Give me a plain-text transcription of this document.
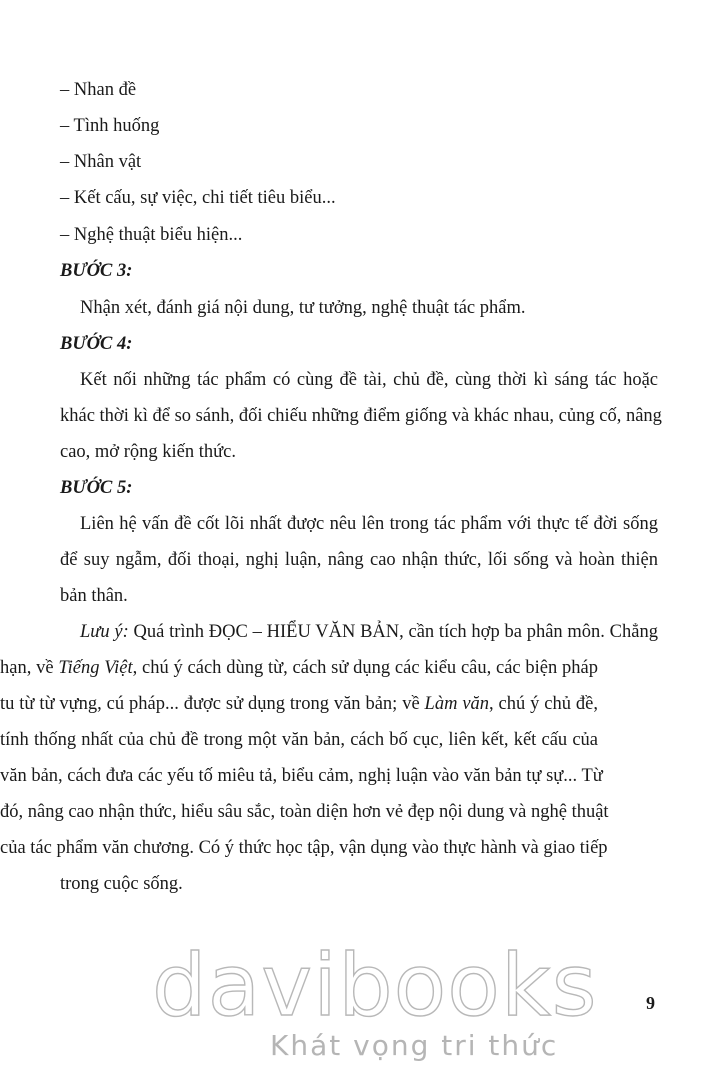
– Nhan đề
– Tình huống
– Nhân vật
– Kết cấu, sự việc, chi tiết tiêu biểu...
– Nghệ thuật biểu hiện...
BƯỚC 3:
Nhận xét, đánh giá nội dung, tư tưởng, nghệ thuật tác phẩm.
BƯỚC 4:
Kết nối những tác phẩm có cùng đề tài, chủ đề, cùng thời kì sáng tác hoặc
khác thời kì để so sánh, đối chiếu những điểm giống và khác nhau, củng cố, nâng
cao, mở rộng kiến thức.
BƯỚC 5:
Liên hệ vấn đề cốt lõi nhất được nêu lên trong tác phẩm với thực tế đời sống
để suy ngẫm, đối thoại, nghị luận, nâng cao nhận thức, lối sống và hoàn thiện
bản thân.
Lưu ý: Quá trình ĐỌC – HIỂU VĂN BẢN, cần tích hợp ba phân môn. Chẳng
hạn, về Tiếng Việt, chú ý cách dùng từ, cách sử dụng các kiểu câu, các biện pháp
tu từ từ vựng, cú pháp... được sử dụng trong văn bản; về Làm văn, chú ý chủ đề,
tính thống nhất của chủ đề trong một văn bản, cách bố cục, liên kết, kết cấu của
văn bản, cách đưa các yếu tố miêu tả, biểu cảm, nghị luận vào văn bản tự sự... Từ
đó, nâng cao nhận thức, hiểu sâu sắc, toàn diện hơn vẻ đẹp nội dung và nghệ thuật
của tác phẩm văn chương. Có ý thức học tập, vận dụng vào thực hành và giao tiếp
trong cuộc sống.
davibooks
Khát vọng tri thức
9
